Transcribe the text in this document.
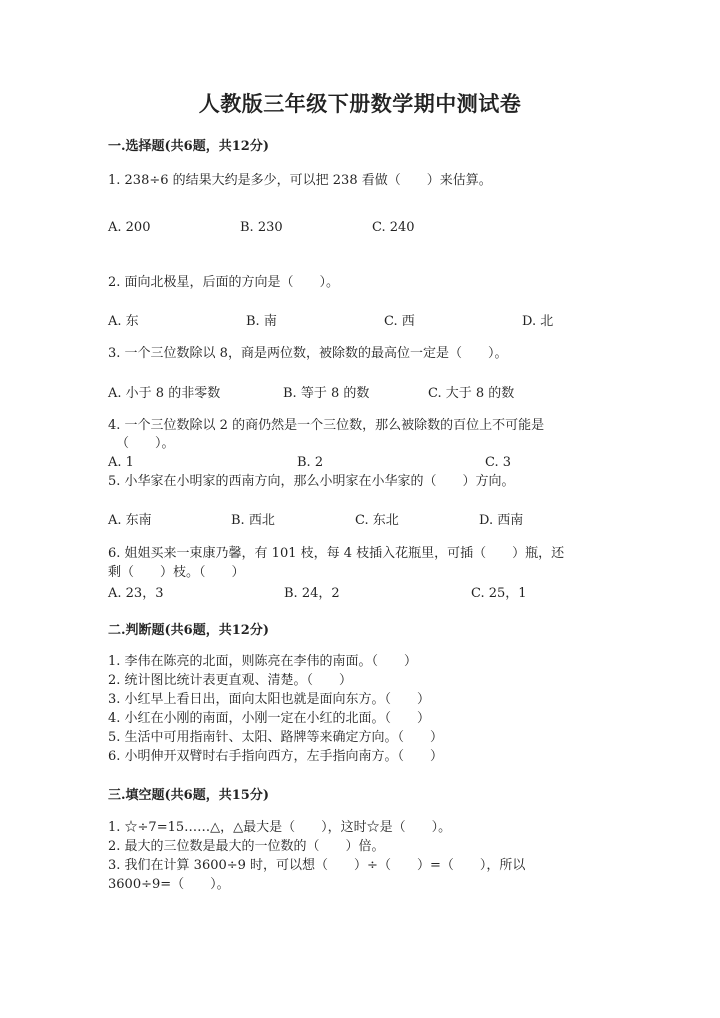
人教版三年级下册数学期中测试卷
一.选择题(共6题，共12分)
1. 238÷6 的结果大约是多少，可以把 238 看做（　　）来估算。
A. 200	B. 230	C. 240
2. 面向北极星，后面的方向是（　　）。
A. 东	B. 南	C. 西	D. 北
3. 一个三位数除以 8，商是两位数，被除数的最高位一定是（　　）。
A. 小于 8 的非零数	B. 等于 8 的数	C. 大于 8 的数
4. 一个三位数除以 2 的商仍然是一个三位数，那么被除数的百位上不可能是
（　　）。
A. 1	B. 2	C. 3
5. 小华家在小明家的西南方向，那么小明家在小华家的（　　）方向。
A. 东南	B. 西北	C. 东北	D. 西南
6. 姐姐买来一束康乃馨，有 101 枝，每 4 枝插入花瓶里，可插（　　）瓶，还
剩（　　）枝。（　　）
A. 23，3	B. 24，2	C. 25，1
二.判断题(共6题，共12分)
1. 李伟在陈亮的北面，则陈亮在李伟的南面。（　　）
2. 统计图比统计表更直观、清楚。（　　）
3. 小红早上看日出，面向太阳也就是面向东方。（　　）
4. 小红在小刚的南面，小刚一定在小红的北面。（　　）
5. 生活中可用指南针、太阳、路牌等来确定方向。（　　）
6. 小明伸开双臂时右手指向西方，左手指向南方。（　　）
三.填空题(共6题，共15分)
1. ☆÷7=15……△，△最大是（　　），这时☆是（　　）。
2. 最大的三位数是最大的一位数的（　　）倍。
3. 我们在计算 3600÷9 时，可以想（　　）÷（　　）=（　　），所以
3600÷9=（　　）。
